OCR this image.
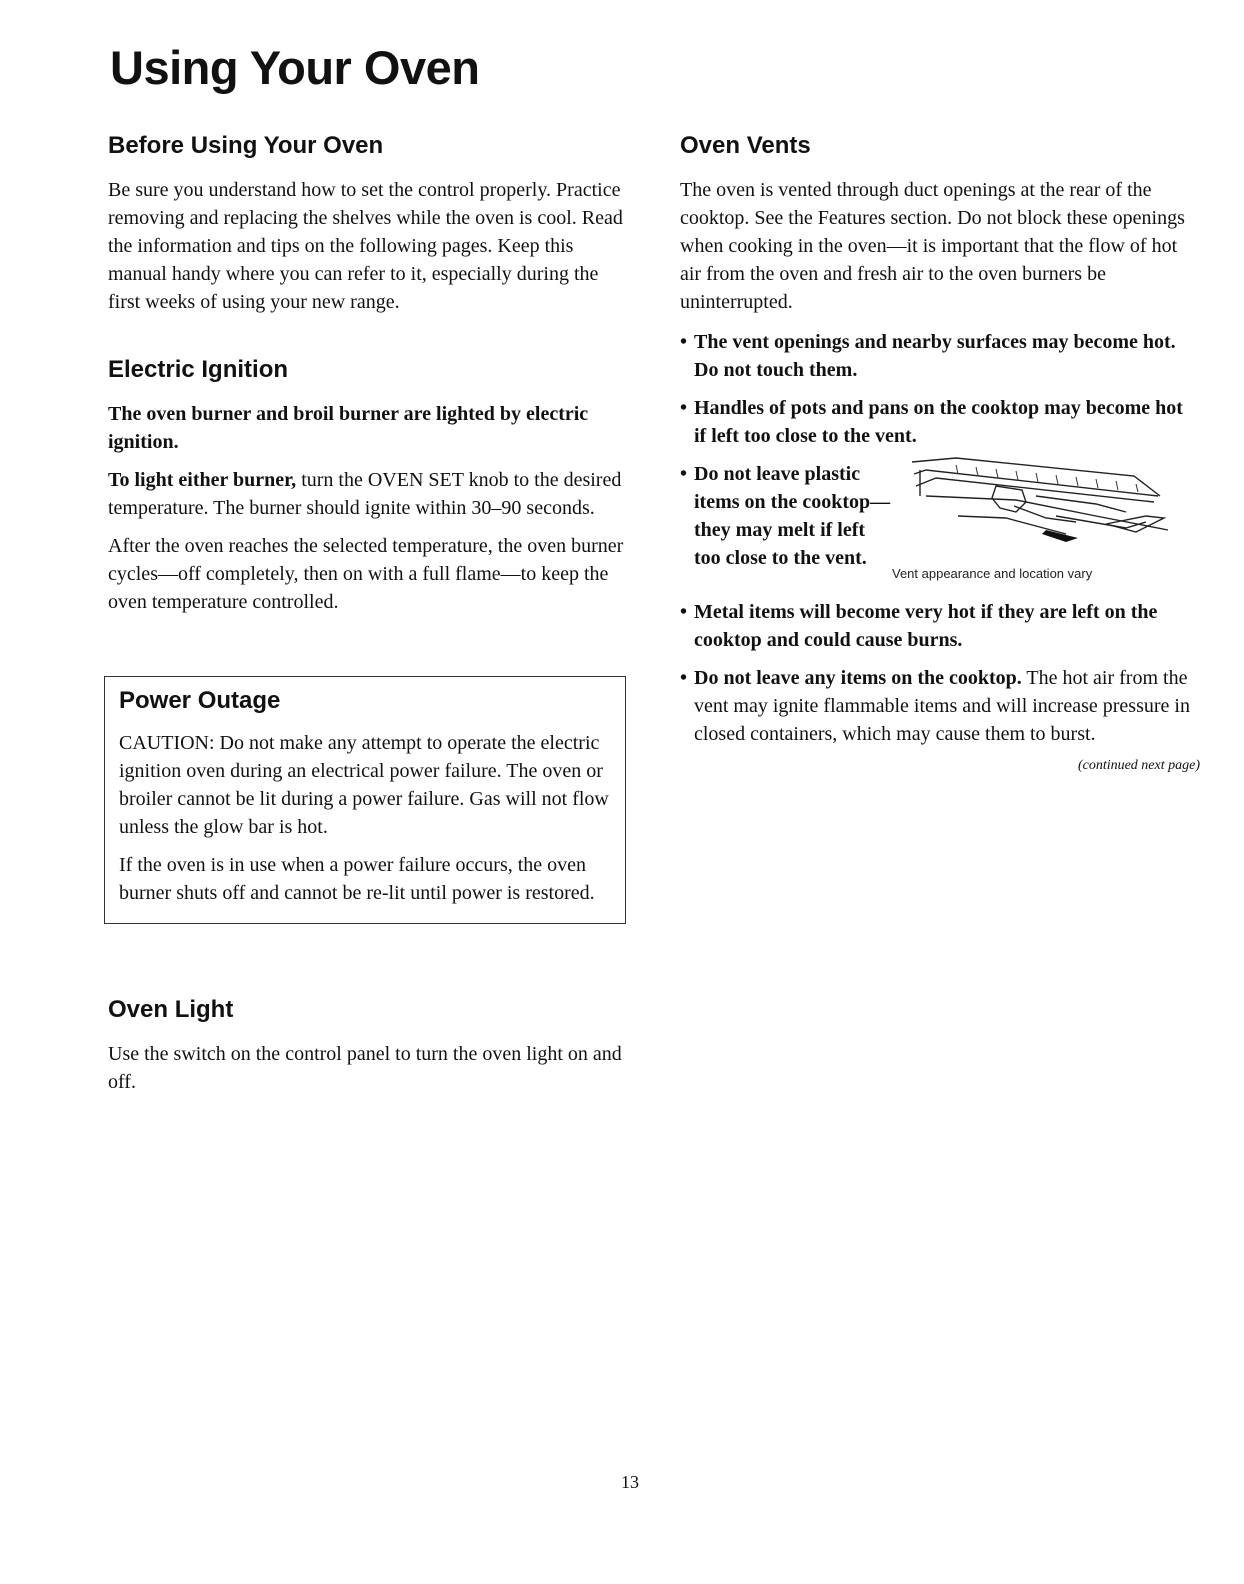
Using Your Oven
Before Using Your Oven

Be sure you understand how to set the control properly. Practice removing and replacing the shelves while the oven is cool. Read the information and tips on the following pages. Keep this manual handy where you can refer to it, especially during the first weeks of using your new range.

Electric Ignition

The oven burner and broil burner are lighted by electric ignition.

To light either burner, turn the OVEN SET knob to the desired temperature. The burner should ignite within 30–90 seconds.

After the oven reaches the selected temperature, the oven burner cycles—off completely, then on with a full flame—to keep the oven temperature controlled.

Power Outage

CAUTION: Do not make any attempt to operate the electric ignition oven during an electrical power failure. The oven or broiler cannot be lit during a power failure. Gas will not flow unless the glow bar is hot.

If the oven is in use when a power failure occurs, the oven burner shuts off and cannot be re-lit until power is restored.

Oven Light

Use the switch on the control panel to turn the oven light on and off.

Oven Vents

The oven is vented through duct openings at the rear of the cooktop. See the Features section. Do not block these openings when cooking in the oven—it is important that the flow of hot air from the oven and fresh air to the oven burners be uninterrupted.

• The vent openings and nearby surfaces may become hot. Do not touch them.
• Handles of pots and pans on the cooktop may become hot if left too close to the vent.
• Do not leave plastic items on the cooktop—they may melt if left too close to the vent.
Vent appearance and location vary
• Metal items will become very hot if they are left on the cooktop and could cause burns.
• Do not leave any items on the cooktop. The hot air from the vent may ignite flammable items and will increase pressure in closed containers, which may cause them to burst.
(continued next page)
13
